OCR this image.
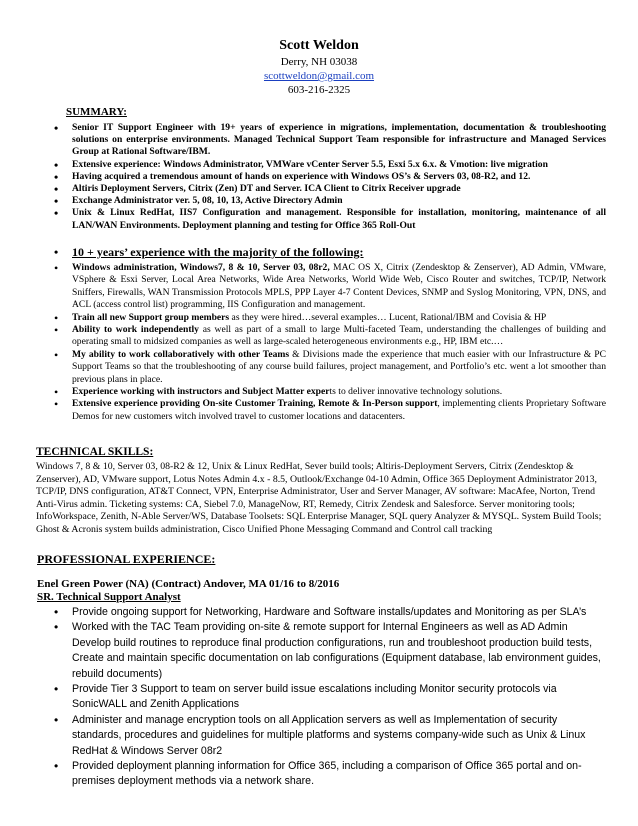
Scott Weldon
Derry, NH 03038
scottweldon@gmail.com
603-216-2325
SUMMARY:
• Senior IT Support Engineer with 19+ years of experience in migrations, implementation, documentation & troubleshooting solutions on enterprise environments. Managed Technical Support Team responsible for infrastructure and Managed Services Group at Rational Software/IBM.
• Extensive experience: Windows Administrator, VMWare vCenter Server 5.5, Esxi 5.x 6.x. & Vmotion: live migration
• Having acquired a tremendous amount of hands on experience with Windows OS’s & Servers 03, 08-R2, and 12.
• Altiris Deployment Servers, Citrix (Zen) DT and Server. ICA Client to Citrix Receiver upgrade
• Exchange Administrator ver. 5, 08, 10, 13, Active Directory Admin
• Unix & Linux RedHat, IIS7 Configuration and management. Responsible for installation, monitoring, maintenance of all LAN/WAN Environments. Deployment planning and testing for Office 365 Roll-Out
• 10 + years’ experience with the majority of the following:
• Windows administration, Windows7, 8 & 10, Server 03, 08r2, MAC OS X, Citrix (Zendesktop & Zenserver), AD Admin, VMware, VSphere & Esxi Server, Local Area Networks, Wide Area Networks, World Wide Web, Cisco Router and switches, TCP/IP, Network Sniffers, Firewalls, WAN Transmission Protocols MPLS, PPP Layer 4-7 Content Devices, SNMP and Syslog Monitoring, VPN, DNS, and ACL (access control list) programming, IIS Configuration and management.
• Train all new Support group members as they were hired…several examples… Lucent, Rational/IBM and Covisia & HP
• Ability to work independently as well as part of a small to large Multi-faceted Team, understanding the challenges of building and operating small to midsized companies as well as large-scaled heterogeneous environments e.g., HP, IBM etc.…
• My ability to work collaboratively with other Teams & Divisions made the experience that much easier with our Infrastructure & PC Support Teams so that the troubleshooting of any course build failures, project management, and Portfolio’s etc. went a lot smoother than previous plans in place.
• Experience working with instructors and Subject Matter experts to deliver innovative technology solutions.
• Extensive experience providing On-site Customer Training, Remote & In-Person support, implementing clients Proprietary Software Demos for new customers witch involved travel to customer locations and datacenters.
TECHNICAL SKILLS:
Windows 7, 8 & 10, Server 03, 08-R2 & 12, Unix & Linux RedHat, Sever build tools; Altiris-Deployment Servers, Citrix (Zendesktop & Zenserver), AD, VMware support, Lotus Notes Admin 4.x - 8.5, Outlook/Exchange 04-10 Admin, Office 365 Deployment Administrator 2013, TCP/IP, DNS configuration, AT&T Connect, VPN, Enterprise Administrator, User and Server Manager, AV software: MacAfee, Norton, Trend Anti-Virus admin. Ticketing systems: CA, Siebel 7.0, ManageNow, RT, Remedy, Citrix Zendesk and Salesforce. Server monitoring tools; InfoWorkspace, Zenith, N-Able Server/WS, Database Toolsets: SQL Enterprise Manager, SQL query Analyzer & MYSQL. System Build Tools; Ghost & Acronis system builds administration, Cisco Unified Phone Messaging Command and Control call tracking
PROFESSIONAL EXPERIENCE:
Enel Green Power (NA) (Contract) Andover, MA 01/16 to 8/2016
SR. Technical Support Analyst
• Provide ongoing support for Networking, Hardware and Software installs/updates and Monitoring as per SLA’s
• Worked with the TAC Team providing on-site & remote support for Internal Engineers as well as AD Admin Develop build routines to reproduce final production configurations, run and troubleshoot production build tests, Create and maintain specific documentation on lab configurations (Equipment database, lab environment guides, rebuild documents)
• Provide Tier 3 Support to team on server build issue escalations including Monitor security protocols via SonicWALL and Zenith Applications
• Administer and manage encryption tools on all Application servers as well as Implementation of security standards, procedures and guidelines for multiple platforms and systems company-wide such as Unix & Linux RedHat & Windows Server 08r2
• Provided deployment planning information for Office 365, including a comparison of Office 365 portal and on-premises deployment methods via a network share.
